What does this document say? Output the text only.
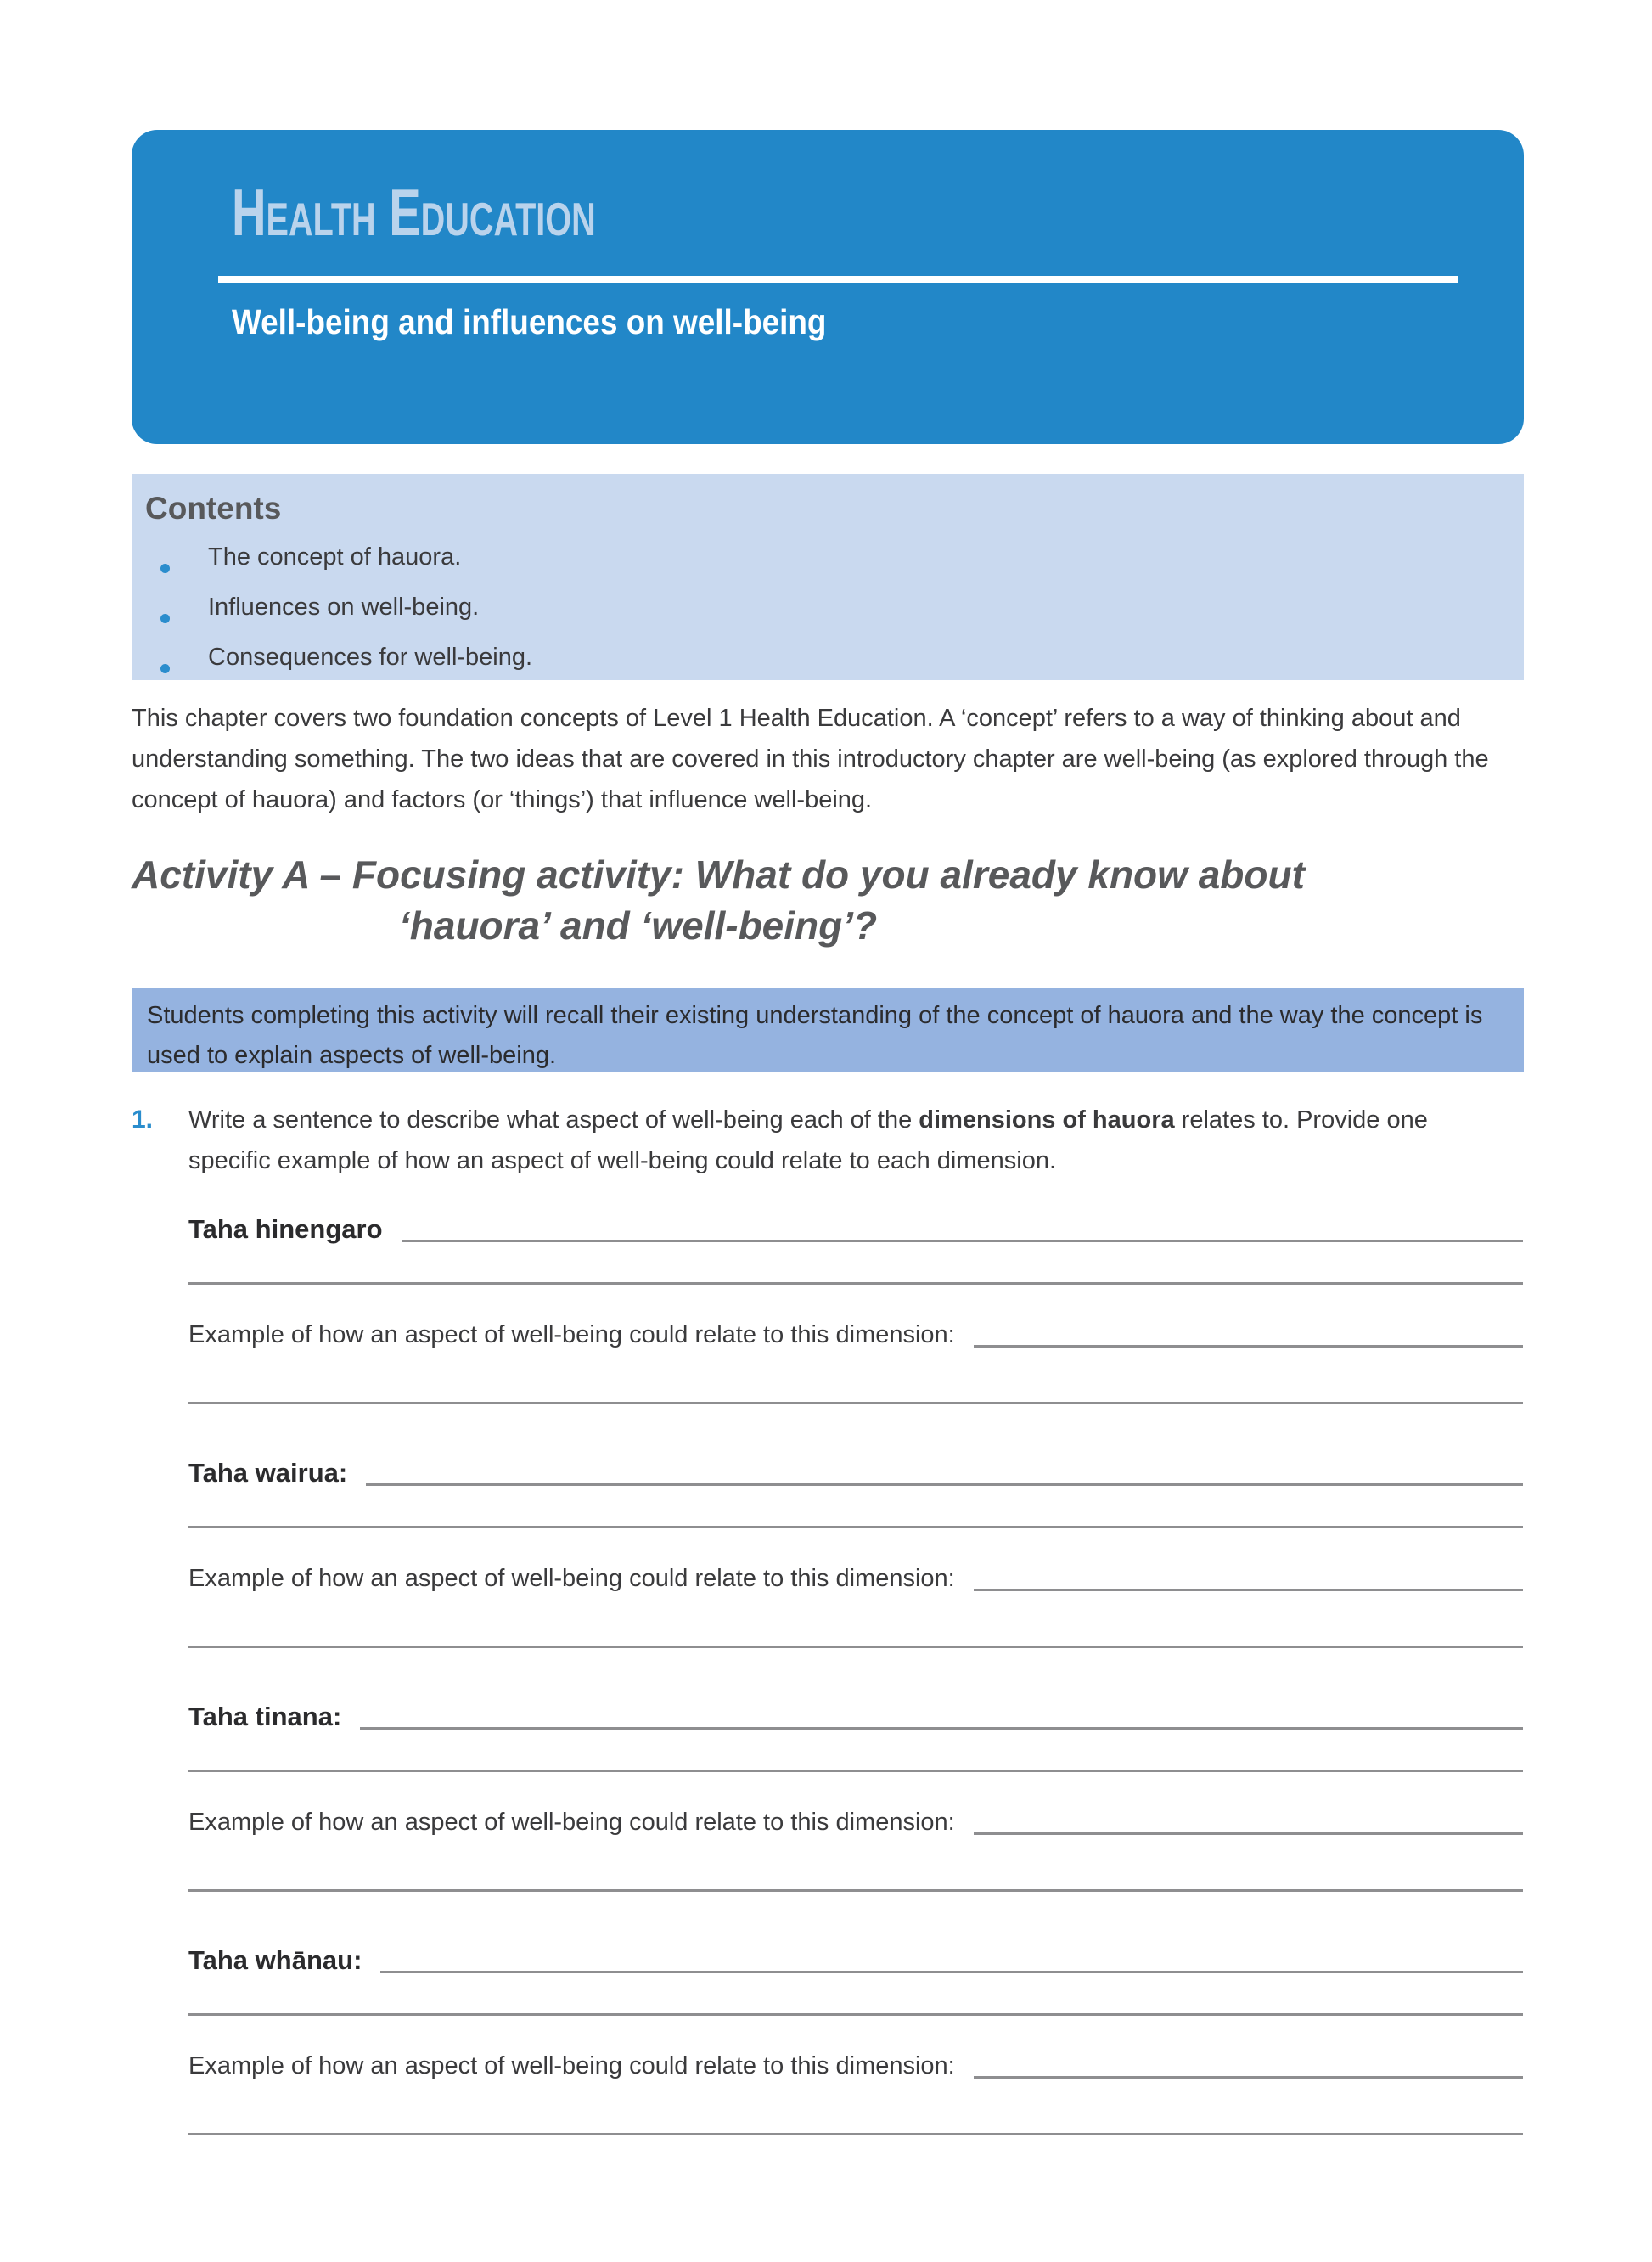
Health Education
Well-being and influences on well-being
Contents
The concept of hauora.
Influences on well-being.
Consequences for well-being.

This chapter covers two foundation concepts of Level 1 Health Education. A ‘concept’ refers to a way of thinking about and understanding something. The two ideas that are covered in this introductory chapter are well-being (as explored through the concept of hauora) and factors (or ‘things’) that influence well-being.

Activity A – Focusing activity: What do you already know about
‘hauora’ and ‘well-being’?

Students completing this activity will recall their existing understanding of the concept of hauora and the way the concept is used to explain aspects of well-being.

1.	Write a sentence to describe what aspect of well-being each of the dimensions of hauora relates to. Provide one specific example of how an aspect of well-being could relate to each dimension.
Taha hinengaro
Example of how an aspect of well-being could relate to this dimension:
Taha wairua:
Example of how an aspect of well-being could relate to this dimension:
Taha tinana:
Example of how an aspect of well-being could relate to this dimension:
Taha whānau:
Example of how an aspect of well-being could relate to this dimension:
